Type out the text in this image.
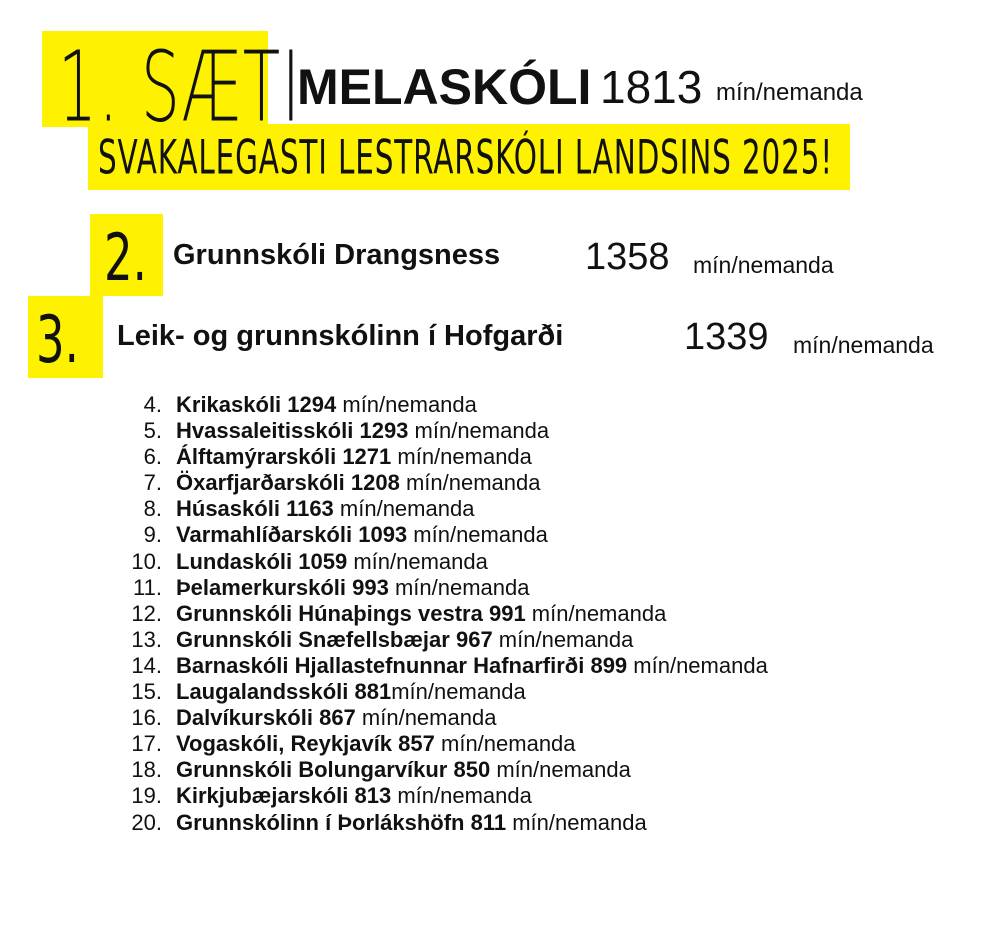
1. SÆTI
MELASKÓLI 1813 mín/nemanda
SVAKALEGASTI LESTRARSKÓLI LANDSINS 2025!
2. Grunnskóli Drangsness 1358 mín/nemanda
3. Leik- og grunnskólinn í Hofgarði	1339 mín/nemanda
4. Krikaskóli
1294 mín/nemanda
5. Hvassaleitisskóli
1293 mín/nemanda
6. Álftamýrarskóli
1271 mín/nemanda
7. Öxarfjarðarskóli
1208 mín/nemanda
8. Húsaskóli
1163 mín/nemanda
9. Varmahlíðarskóli
1093 mín/nemanda
10. Lundaskóli
1059 mín/nemanda
11. Þelamerkurskóli
993 mín/nemanda
12. Grunnskóli Húnaþings vestra
991 mín/nemanda
13. Grunnskóli Snæfellsbæjar
967 mín/nemanda
14. Barnaskóli Hjallastefnunnar Hafnarfirði
899 mín/nemanda
15. Laugalandsskóli
881 mín/nemanda
16. Dalvíkurskóli
867 mín/nemanda
17. Vogaskóli, Reykjavík
857 mín/nemanda
18. Grunnskóli Bolungarvíkur
850 mín/nemanda
19. Kirkjubæjarskóli
813 mín/nemanda
20. Grunnskólinn í Þorlákshöfn
811 mín/nemanda
